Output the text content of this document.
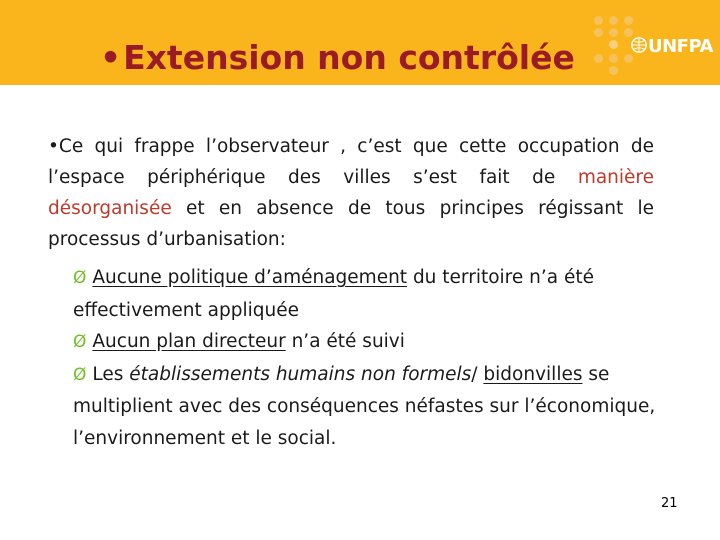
•Extension non contrôlée	UNFPA

•Ce qui frappe l’observateur , c’est que cette occupation de l’espace périphérique des villes s’est fait de manière désorganisée et en absence de tous principes régissant le processus d’urbanisation:

Ø Aucune politique d’aménagement du territoire n’a été effectivement appliquée
Ø Aucun plan directeur n’a été suivi
Ø Les établissements humains non formels/ bidonvilles se multiplient avec des conséquences néfastes sur l’économique, l’environnement et le social.
21
